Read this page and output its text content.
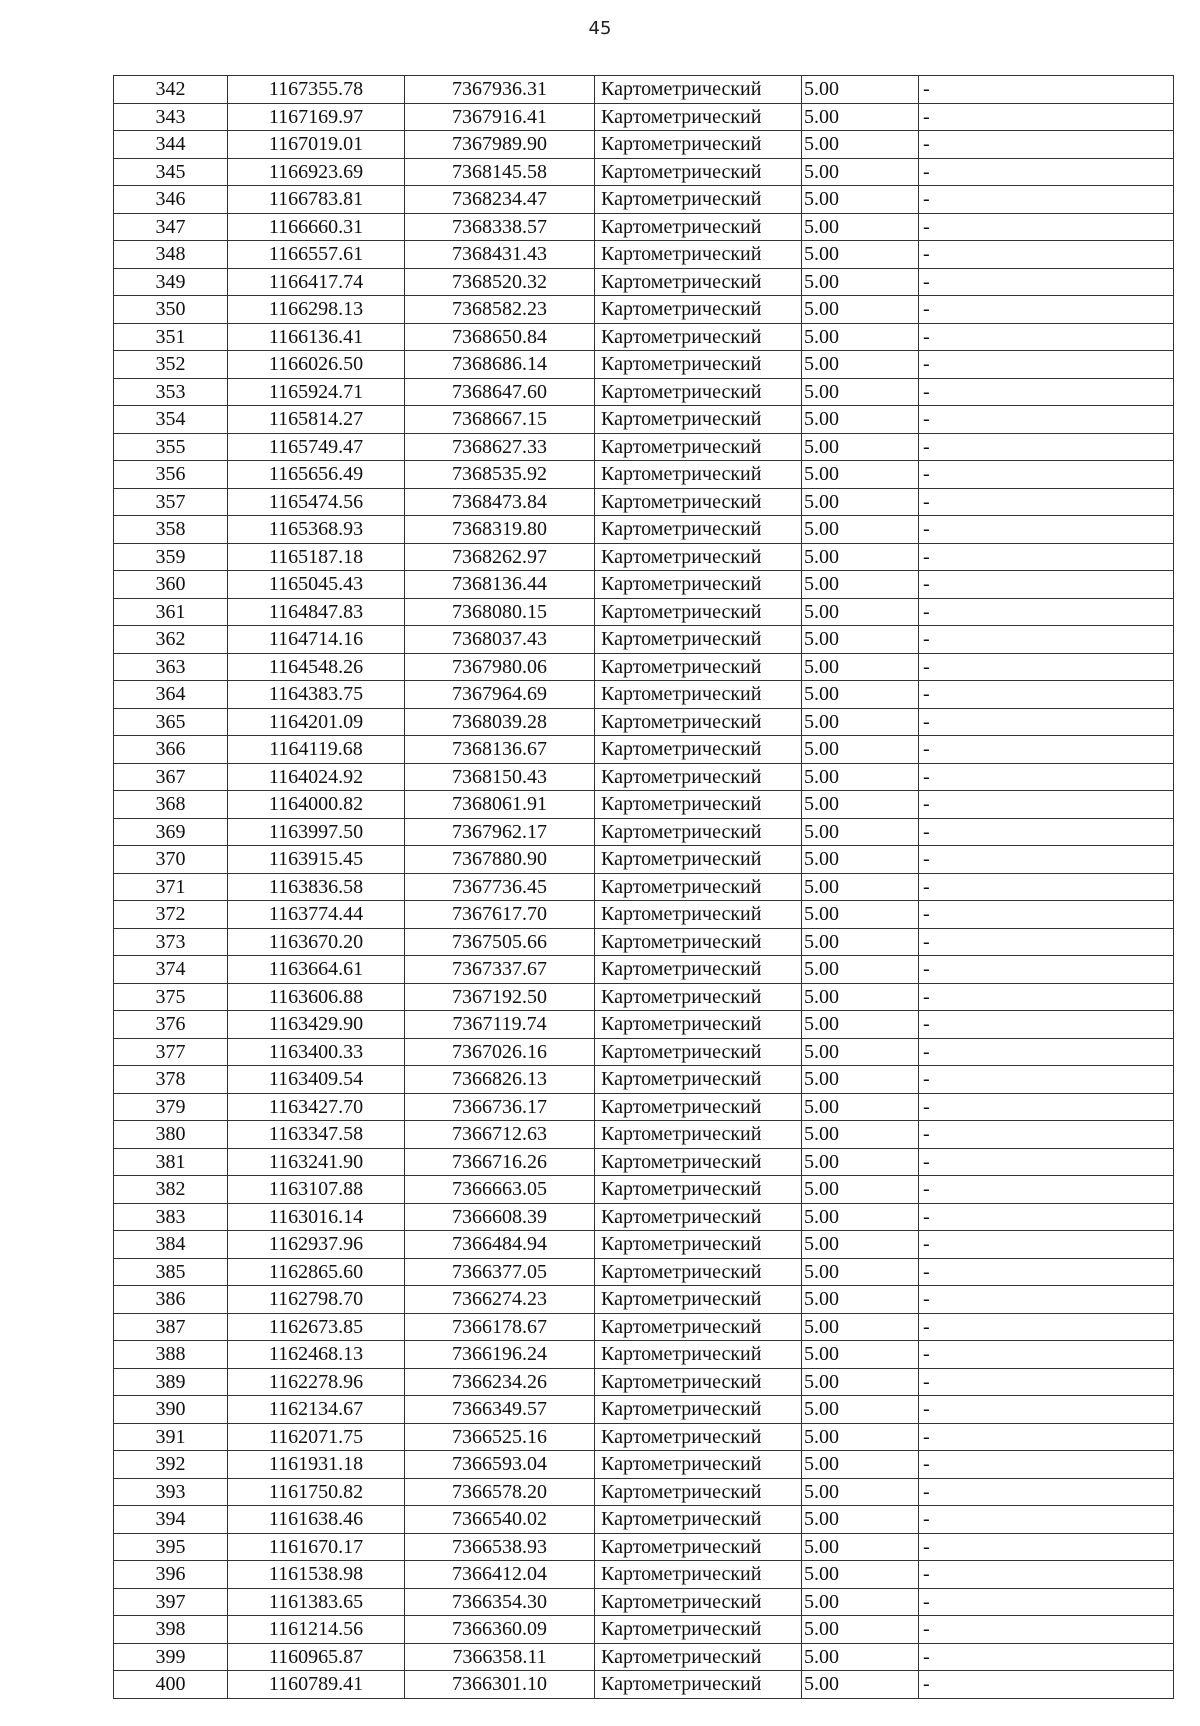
45
342	1167355.78	7367936.31	Картометрический	5.00	-
343	1167169.97	7367916.41	Картометрический	5.00	-
344	1167019.01	7367989.90	Картометрический	5.00	-
345	1166923.69	7368145.58	Картометрический	5.00	-
346	1166783.81	7368234.47	Картометрический	5.00	-
347	1166660.31	7368338.57	Картометрический	5.00	-
348	1166557.61	7368431.43	Картометрический	5.00	-
349	1166417.74	7368520.32	Картометрический	5.00	-
350	1166298.13	7368582.23	Картометрический	5.00	-
351	1166136.41	7368650.84	Картометрический	5.00	-
352	1166026.50	7368686.14	Картометрический	5.00	-
353	1165924.71	7368647.60	Картометрический	5.00	-
354	1165814.27	7368667.15	Картометрический	5.00	-
355	1165749.47	7368627.33	Картометрический	5.00	-
356	1165656.49	7368535.92	Картометрический	5.00	-
357	1165474.56	7368473.84	Картометрический	5.00	-
358	1165368.93	7368319.80	Картометрический	5.00	-
359	1165187.18	7368262.97	Картометрический	5.00	-
360	1165045.43	7368136.44	Картометрический	5.00	-
361	1164847.83	7368080.15	Картометрический	5.00	-
362	1164714.16	7368037.43	Картометрический	5.00	-
363	1164548.26	7367980.06	Картометрический	5.00	-
364	1164383.75	7367964.69	Картометрический	5.00	-
365	1164201.09	7368039.28	Картометрический	5.00	-
366	1164119.68	7368136.67	Картометрический	5.00	-
367	1164024.92	7368150.43	Картометрический	5.00	-
368	1164000.82	7368061.91	Картометрический	5.00	-
369	1163997.50	7367962.17	Картометрический	5.00	-
370	1163915.45	7367880.90	Картометрический	5.00	-
371	1163836.58	7367736.45	Картометрический	5.00	-
372	1163774.44	7367617.70	Картометрический	5.00	-
373	1163670.20	7367505.66	Картометрический	5.00	-
374	1163664.61	7367337.67	Картометрический	5.00	-
375	1163606.88	7367192.50	Картометрический	5.00	-
376	1163429.90	7367119.74	Картометрический	5.00	-
377	1163400.33	7367026.16	Картометрический	5.00	-
378	1163409.54	7366826.13	Картометрический	5.00	-
379	1163427.70	7366736.17	Картометрический	5.00	-
380	1163347.58	7366712.63	Картометрический	5.00	-
381	1163241.90	7366716.26	Картометрический	5.00	-
382	1163107.88	7366663.05	Картометрический	5.00	-
383	1163016.14	7366608.39	Картометрический	5.00	-
384	1162937.96	7366484.94	Картометрический	5.00	-
385	1162865.60	7366377.05	Картометрический	5.00	-
386	1162798.70	7366274.23	Картометрический	5.00	-
387	1162673.85	7366178.67	Картометрический	5.00	-
388	1162468.13	7366196.24	Картометрический	5.00	-
389	1162278.96	7366234.26	Картометрический	5.00	-
390	1162134.67	7366349.57	Картометрический	5.00	-
391	1162071.75	7366525.16	Картометрический	5.00	-
392	1161931.18	7366593.04	Картометрический	5.00	-
393	1161750.82	7366578.20	Картометрический	5.00	-
394	1161638.46	7366540.02	Картометрический	5.00	-
395	1161670.17	7366538.93	Картометрический	5.00	-
396	1161538.98	7366412.04	Картометрический	5.00	-
397	1161383.65	7366354.30	Картометрический	5.00	-
398	1161214.56	7366360.09	Картометрический	5.00	-
399	1160965.87	7366358.11	Картометрический	5.00	-
400	1160789.41	7366301.10	Картометрический	5.00	-
